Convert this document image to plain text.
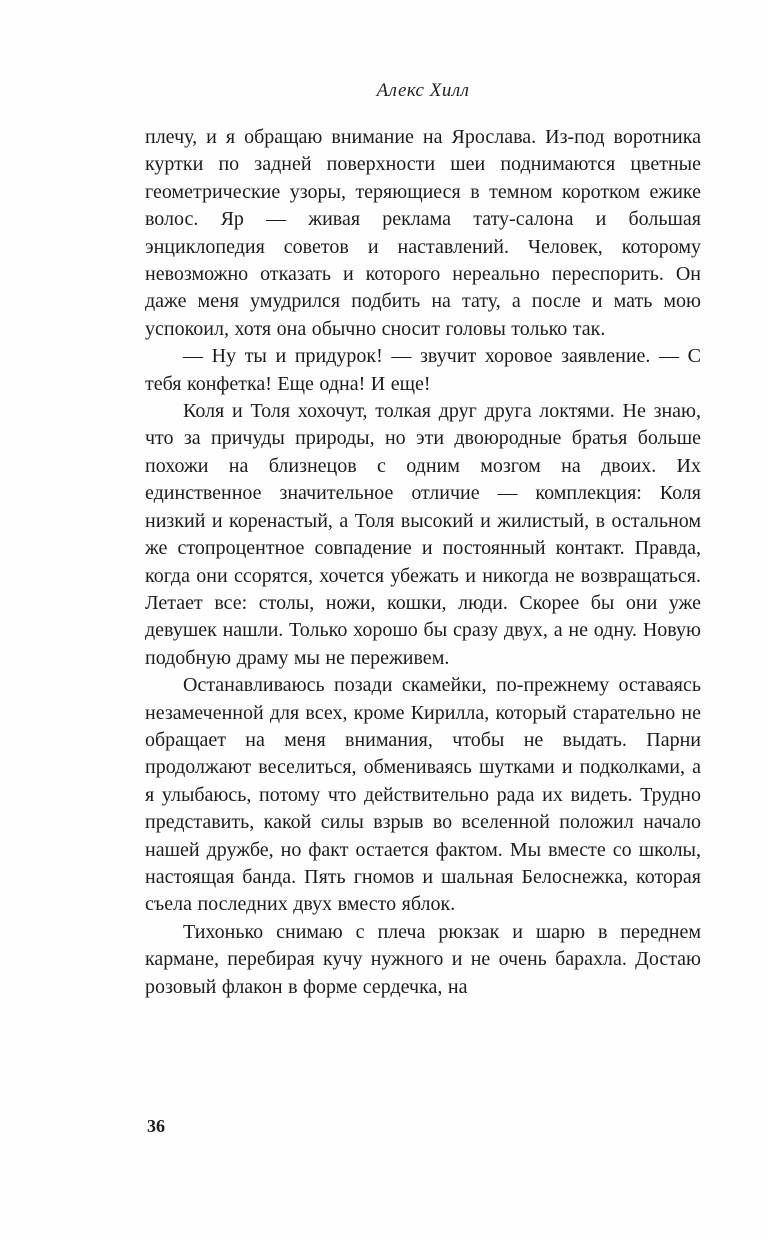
Алекс Хилл

плечу, и я обращаю внимание на Ярослава. Из-под воротника куртки по задней поверхности шеи поднимаются цветные геометрические узоры, теряющиеся в темном коротком ежике волос. Яр — живая реклама тату-салона и большая энциклопедия советов и наставлений. Человек, которому невозможно отказать и которого нереально переспорить. Он даже меня умудрился подбить на тату, а после и мать мою успокоил, хотя она обычно сносит головы только так.

— Ну ты и придурок! — звучит хоровое заявление. — С тебя конфетка! Еще одна! И еще!

Коля и Толя хохочут, толкая друг друга локтями. Не знаю, что за причуды природы, но эти двоюродные братья больше похожи на близнецов с одним мозгом на двоих. Их единственное значительное отличие — комплекция: Коля низкий и коренастый, а Толя высокий и жилистый, в остальном же стопроцентное совпадение и постоянный контакт. Правда, когда они ссорятся, хочется убежать и никогда не возвращаться. Летает все: столы, ножи, кошки, люди. Скорее бы они уже девушек нашли. Только хорошо бы сразу двух, а не одну. Новую подобную драму мы не переживем.

Останавливаюсь позади скамейки, по-прежнему оставаясь незамеченной для всех, кроме Кирилла, который старательно не обращает на меня внимания, чтобы не выдать. Парни продолжают веселиться, обмениваясь шутками и подколками, а я улыбаюсь, потому что действительно рада их видеть. Трудно представить, какой силы взрыв во вселенной положил начало нашей дружбе, но факт остается фактом. Мы вместе со школы, настоящая банда. Пять гномов и шальная Белоснежка, которая съела последних двух вместо яблок.

Тихонько снимаю с плеча рюкзак и шарю в переднем кармане, перебирая кучу нужного и не очень барахла. Достаю розовый флакон в форме сердечка, на

36
